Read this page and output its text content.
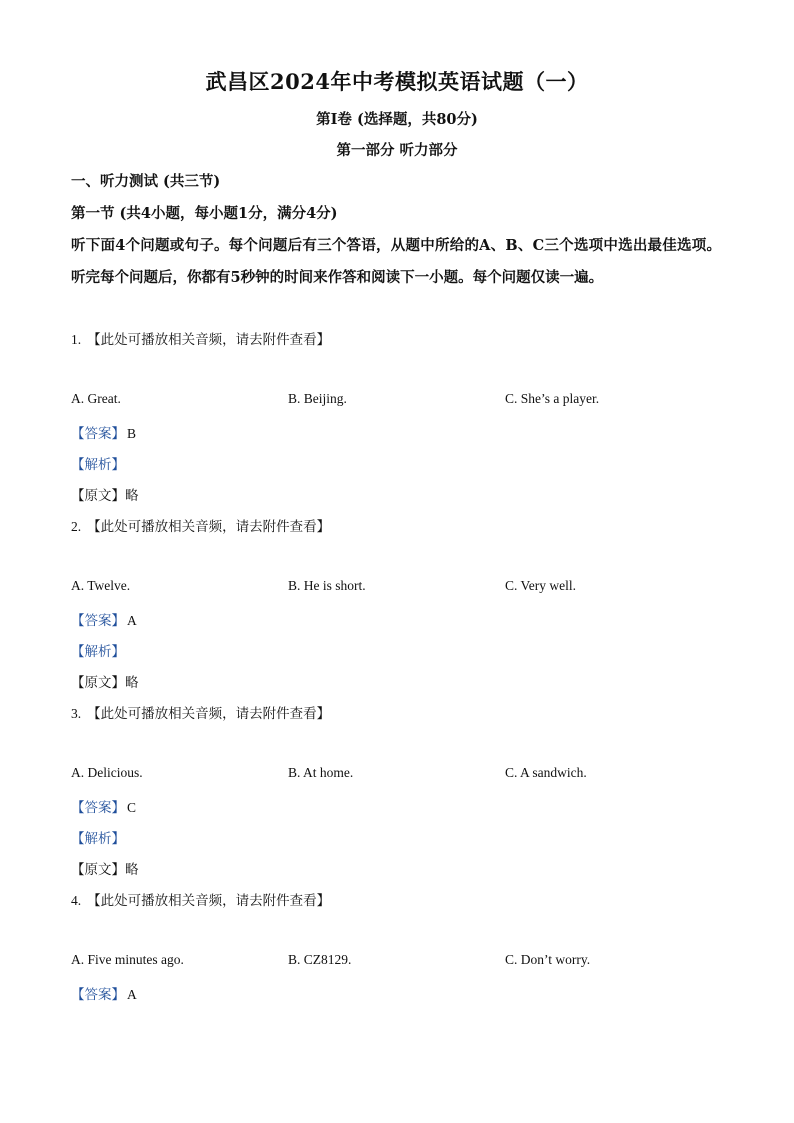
武昌区2024年中考模拟英语试题（一）
第Ⅰ卷 (选择题，共80分)
第一部分 听力部分
一、听力测试 (共三节)
第一节 (共4小题，每小题1分，满分4分)
听下面4个问题或句子。每个问题后有三个答语，从题中所给的A、B、C三个选项中选出最佳选项。听完每个问题后，你都有5秒钟的时间来作答和阅读下一小题。每个问题仅读一遍。
1. 【此处可播放相关音频，请去附件查看】
A. Great.	B. Beijing.	C. She’s a player.
【答案】 B
【解析】
【原文】略
2. 【此处可播放相关音频，请去附件查看】
A. Twelve.	B. He is short.	C. Very well.
【答案】 A
【解析】
【原文】略
3. 【此处可播放相关音频，请去附件查看】
A. Delicious.	B. At home.	C. A sandwich.
【答案】 C
【解析】
【原文】略
4. 【此处可播放相关音频，请去附件查看】
A. Five minutes ago.	B. CZ8129.	C. Don’t worry.
【答案】 A
